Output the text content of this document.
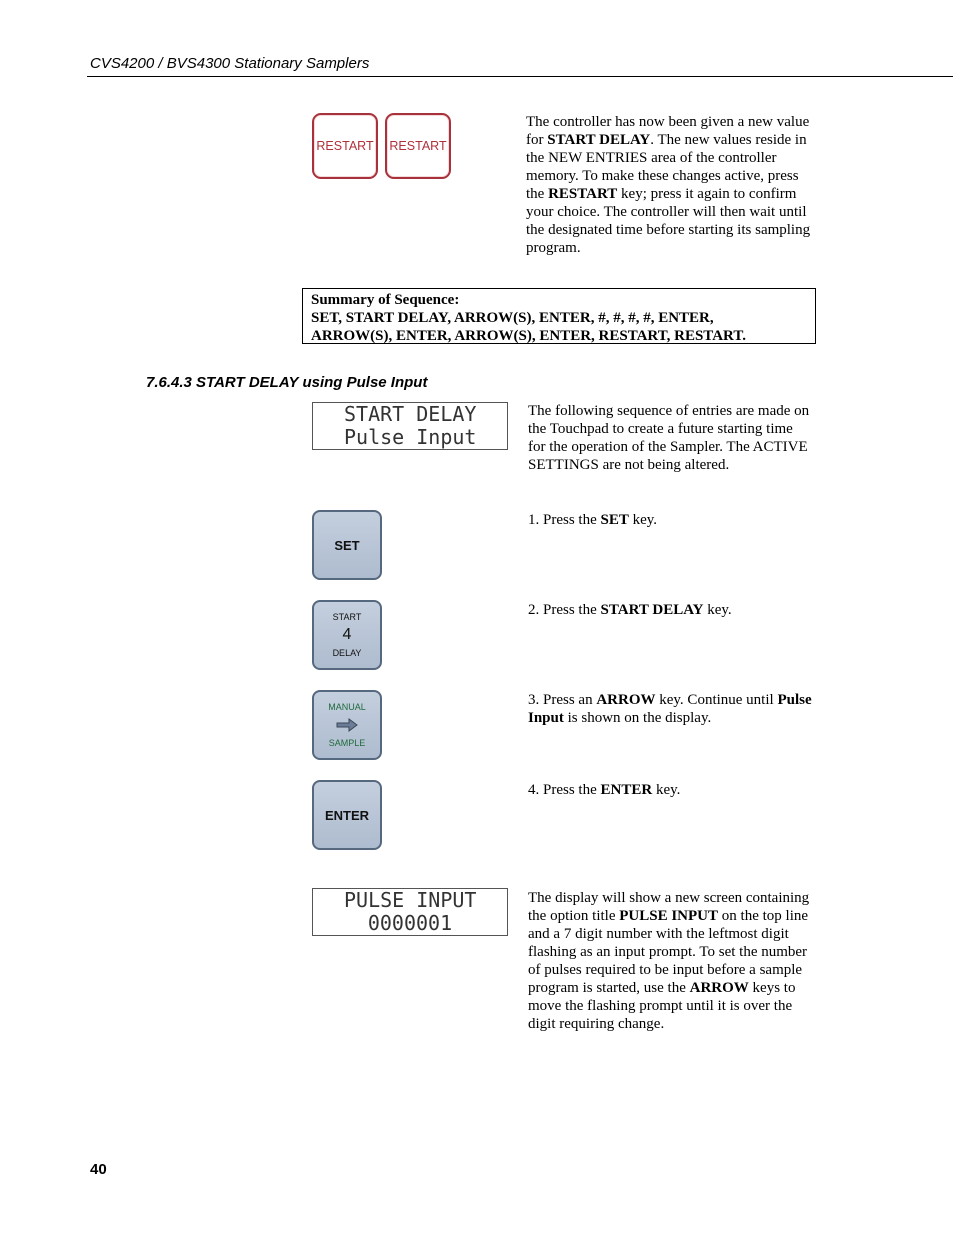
CVS4200 / BVS4300 Stationary Samplers
RESTART	RESTART
The controller has now been given a new value for START DELAY. The new values reside in the NEW ENTRIES area of the controller memory. To make these changes active, press the RESTART key; press it again to confirm your choice. The controller will then wait until the designated time before starting its sampling program.
Summary of Sequence:
SET, START DELAY, ARROW(S), ENTER, #, #, #, #, ENTER,
ARROW(S), ENTER, ARROW(S), ENTER, RESTART, RESTART.
7.6.4.3 START DELAY using Pulse Input
START DELAY
Pulse Input
The following sequence of entries are made on the Touchpad to create a future starting time for the operation of the Sampler. The ACTIVE SETTINGS are not being altered.
SET
1. Press the SET key.
START
4
DELAY
2. Press the START DELAY key.
MANUAL
SAMPLE
3. Press an ARROW key. Continue until Pulse Input is shown on the display.
ENTER
4. Press the ENTER key.
PULSE INPUT
0000001
The display will show a new screen containing the option title PULSE INPUT on the top line and a 7 digit number with the leftmost digit flashing as an input prompt. To set the number of pulses required to be input before a sample program is started, use the ARROW keys to move the flashing prompt until it is over the digit requiring change.
40
